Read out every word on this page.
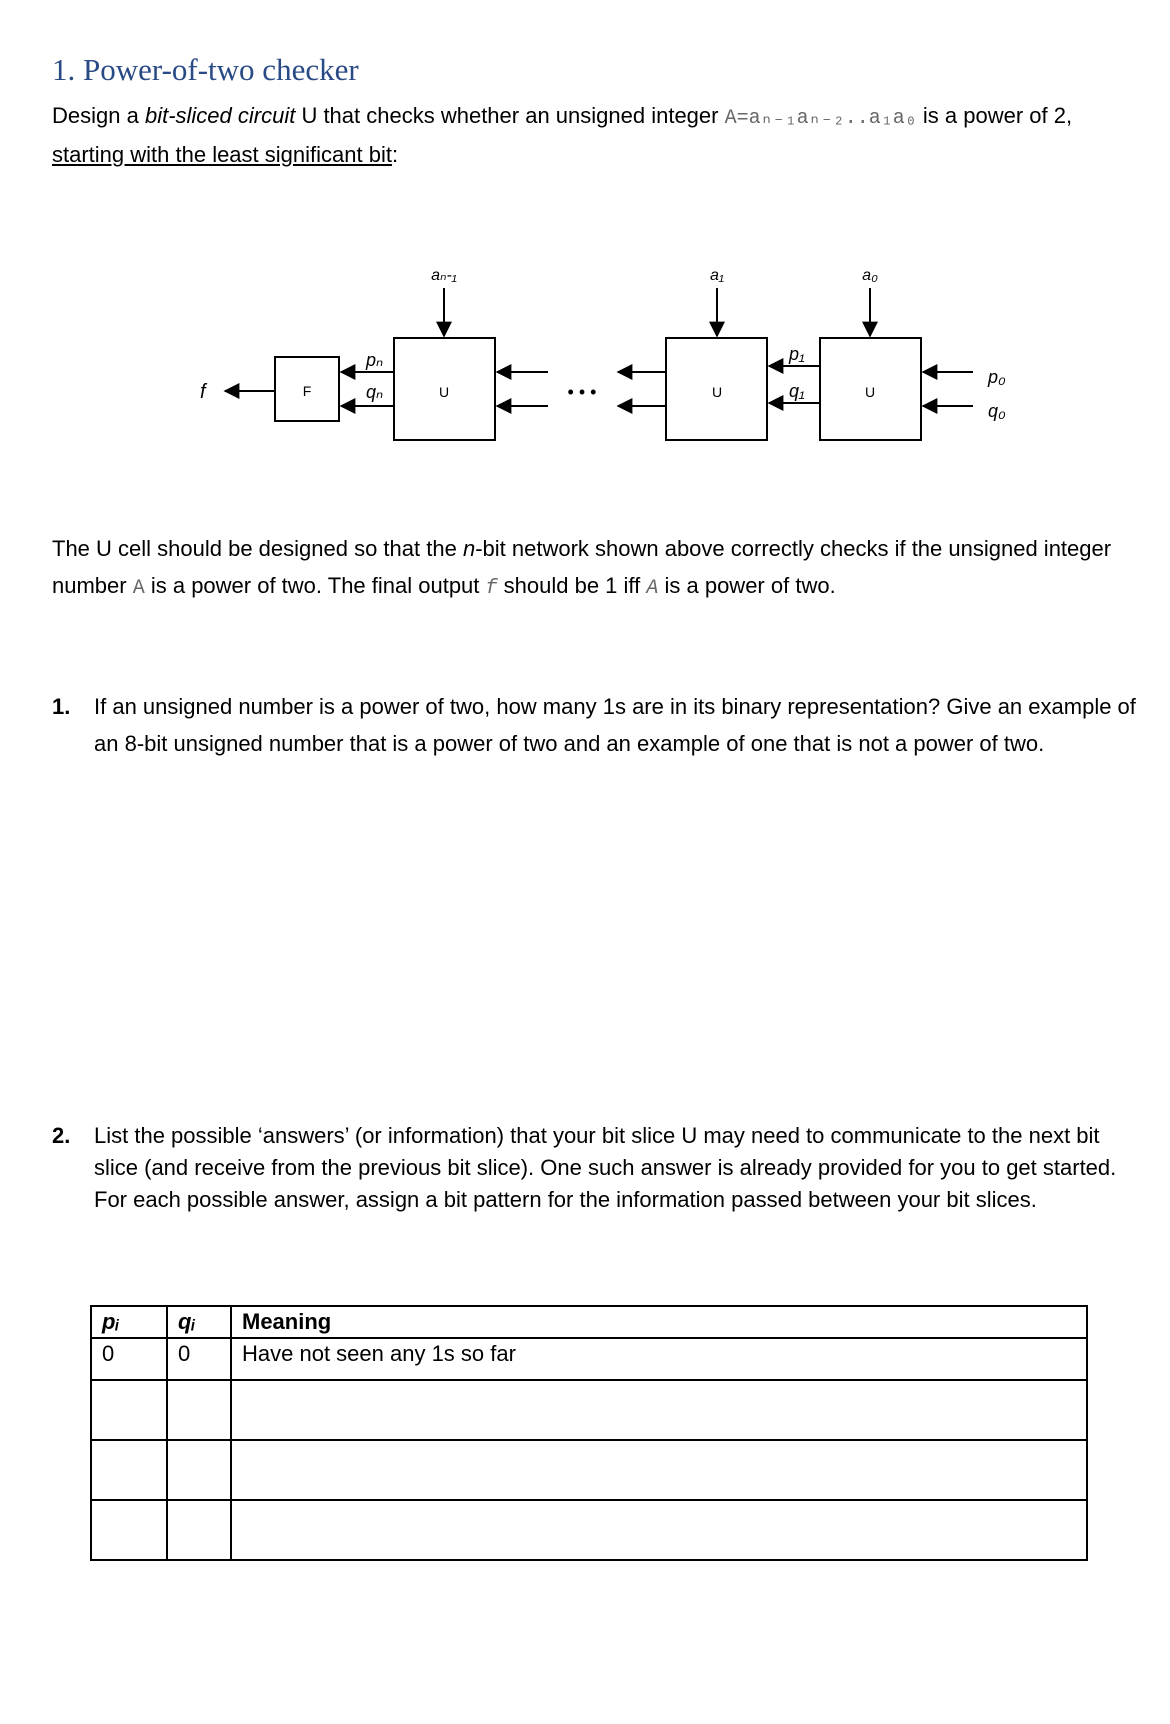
1. Power-of-two checker
Design a bit-sliced circuit U that checks whether an unsigned integer A=aₙ₋₁aₙ₋₂..a₁a₀ is a power of 2,
starting with the least significant bit:
f	F
pₙ
qₙ
aₙ-₁
U	• • •
a₁
U
p₁
q₁
a₀
U
p₀
q₀
The U cell should be designed so that the n-bit network shown above correctly checks if the unsigned integer number A is a power of two. The final output f should be 1 iff A is a power of two.
1. If an unsigned number is a power of two, how many 1s are in its binary representation? Give an example of an 8-bit unsigned number that is a power of two and an example of one that is not a power of two.
2. List the possible ‘answers’ (or information) that your bit slice U may need to communicate to the next bit slice (and receive from the previous bit slice). One such answer is already provided for you to get started. For each possible answer, assign a bit pattern for the information passed between your bit slices.
pᵢ	qᵢ	Meaning
0	0	Have not seen any 1s so far
